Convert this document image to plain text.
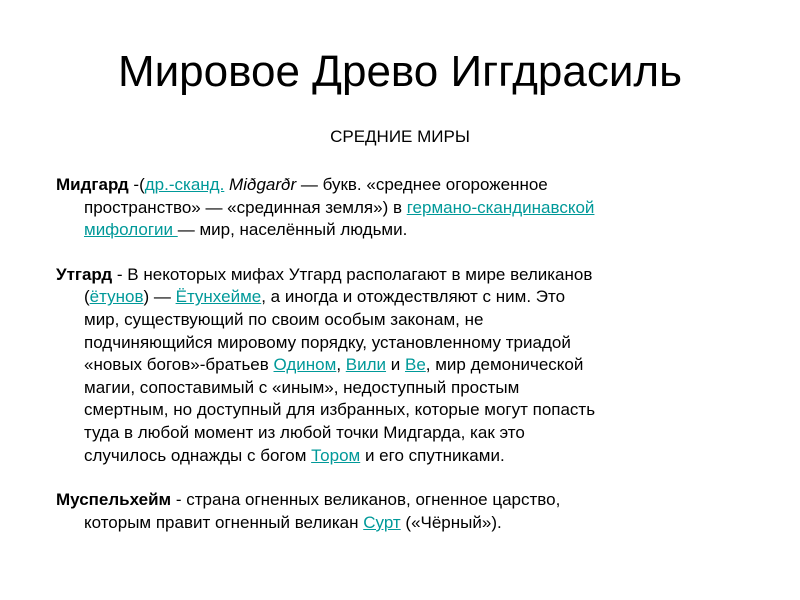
Мировое Древо Иггдрасиль

СРЕДНИЕ МИРЫ

Мидгард -(др.-сканд. Miðgarðr — букв. «среднее огороженное
пространство» — «срединная земля») в германо-скандинавской
мифологии — мир, населённый людьми.
Утгард - В некоторых мифах Утгард располагают в мире великанов
(ётунов) — Ётунхейме, а иногда и отождествляют с ним. Это
мир, существующий по своим особым законам, не
подчиняющийся мировому порядку, установленному триадой
«новых богов»-братьев Одином, Вили и Ве, мир демонической
магии, сопоставимый с «иным», недоступный простым
смертным, но доступный для избранных, которые могут попасть
туда в любой момент из любой точки Мидгарда, как это
случилось однажды с богом Тором и его спутниками.
Муспельхейм - страна огненных великанов, огненное царство,
которым правит огненный великан Сурт («Чёрный»).
